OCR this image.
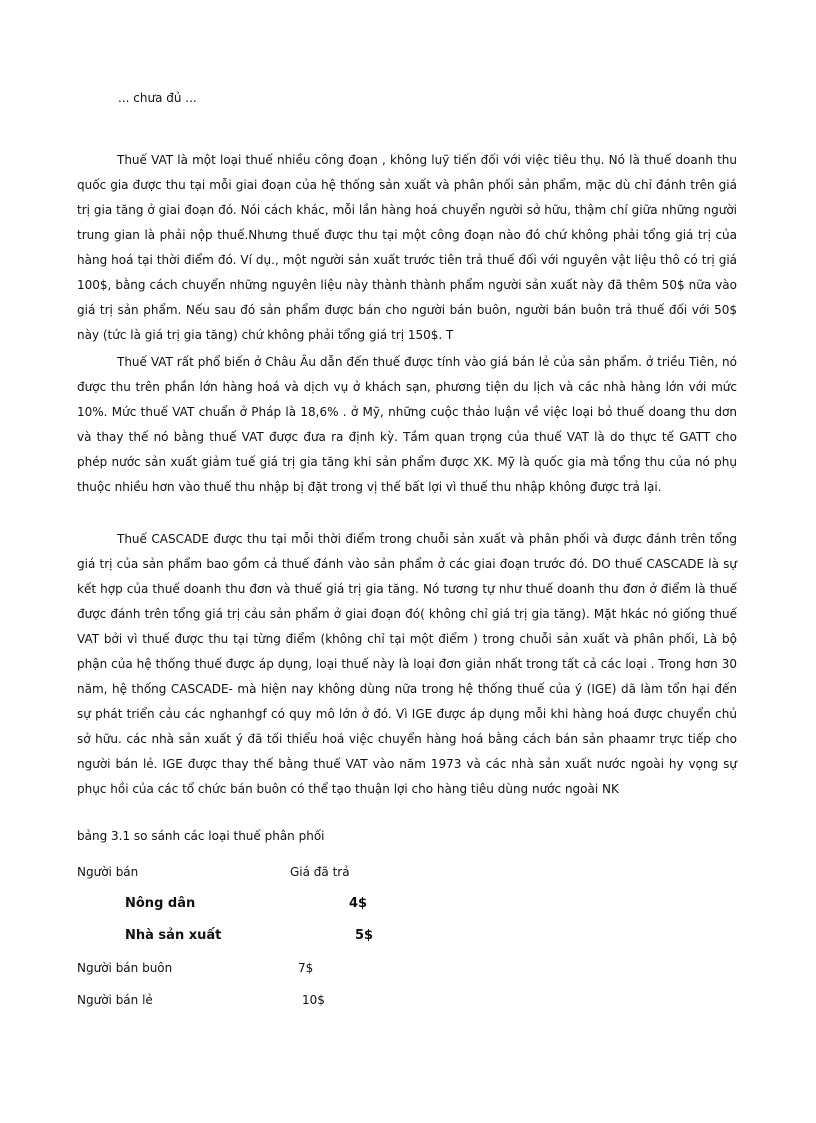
... chưa đủ ...

Thuế VAT là một loại thuế nhiều công đoạn , không luỹ tiến đối với việc tiêu thụ. Nó là thuế doanh thu quốc gia được thu tại mỗi giai đoạn của hệ thống sản xuất và phân phối sản phẩm, mặc dù chỉ đánh trên giá trị gia tăng ở giai đoạn đó. Nói cách khác, mỗi lần hàng hoá chuyển người sở hữu, thậm chí giữa những người trung gian là phải nộp thuế.Nhưng thuế được thu tại một công đoạn nào đó chứ không phải tổng giá trị của hàng hoá tại thời điểm đó. Ví dụ., một người sản xuất trước tiên trả thuế đối với nguyên vật liệu thô có trị giá 100$, bằng cách chuyển những nguyên liệu này thành thành phẩm người sản xuất này đã thêm 50$ nữa vào giá trị sản phẩm. Nếu sau đó sản phẩm được bán cho người bán buôn, người bán buôn trả thuế đối với 50$ này (tức là giá trị gia tăng) chứ không phải tổng giá trị 150$. T

Thuế VAT rất phổ biến ở Châu Âu dẫn đến thuế được tính vào giá bán lẻ của sản phẩm. ở triều Tiên, nó được thu trên phần lớn hàng hoá và dịch vụ ở khách sạn, phương tiện du lịch và các nhà hàng lớn với mức 10%. Mức thuế VAT chuẩn ở Pháp là 18,6% . ở Mỹ, những cuộc thảo luận về việc loại bỏ thuế doang thu dơn và thay thế nó bằng thuế VAT được đưa ra định kỳ. Tầm quan trọng của thuế VAT là do thực tế GATT cho phép nước sản xuất giảm tuế giá trị gia tăng khi sản phẩm được XK. Mỹ là quốc gia mà tổng thu của nó phụ thuộc nhiều hơn vào thuế thu nhập bị đặt trong vị thế bất lợi vì thuế thu nhập không được trả lại.

Thuế CASCADE được thu tại mỗi thời điểm trong chuỗi sản xuất và phân phối và được đánh trên tổng giá trị của sản phẩm bao gồm cả thuế đánh vào sản phẩm ở các giai đoạn trước đó. DO thuế CASCADE là sự kết hợp của thuế doanh thu đơn và thuế giá trị gia tăng. Nó tương tự như thuế doanh thu đơn ở điểm là thuế được đánh trên tổng giá trị cảu sản phẩm ở giai đoạn đó( không chỉ giá trị gia tăng). Mặt hkác nó giống thuế VAT bởi vì thuế được thu tại từng điểm (không chỉ tại một điểm ) trong chuỗi sản xuất và phân phối, Là bộ phận của hệ thống thuế được áp dụng, loại thuế này là loại đơn giản nhất trong tất cả các loại . Trong hơn 30 năm, hệ thống CASCADE- mà hiện nay không dùng nữa trong hệ thống thuế của ý (IGE) dã làm tổn hại đến sự phát triển cảu các nghanhgf có quy mô lớn ở đó. Vì IGE được áp dụng mỗi khi hàng hoá được chuyển chủ sở hữu. các nhà sản xuất ý đã tối thiểu hoá việc chuyển hàng hoá bằng cách bán sản phaamr trực tiếp cho người bán lẻ. IGE được thay thế bằng thuế VAT vào năm 1973 và các nhà sản xuất nước ngoài hy vọng sự phục hồi của các tổ chức bán buôn có thể tạo thuận lợi cho hàng tiêu dùng nước ngoài NK

bảng 3.1 so sánh các loại thuế phân phối

Người bán	Giá đã trả
Nông dân	4$
Nhà sản xuất	5$
Người bán buôn	7$
Người bán lẻ	10$
